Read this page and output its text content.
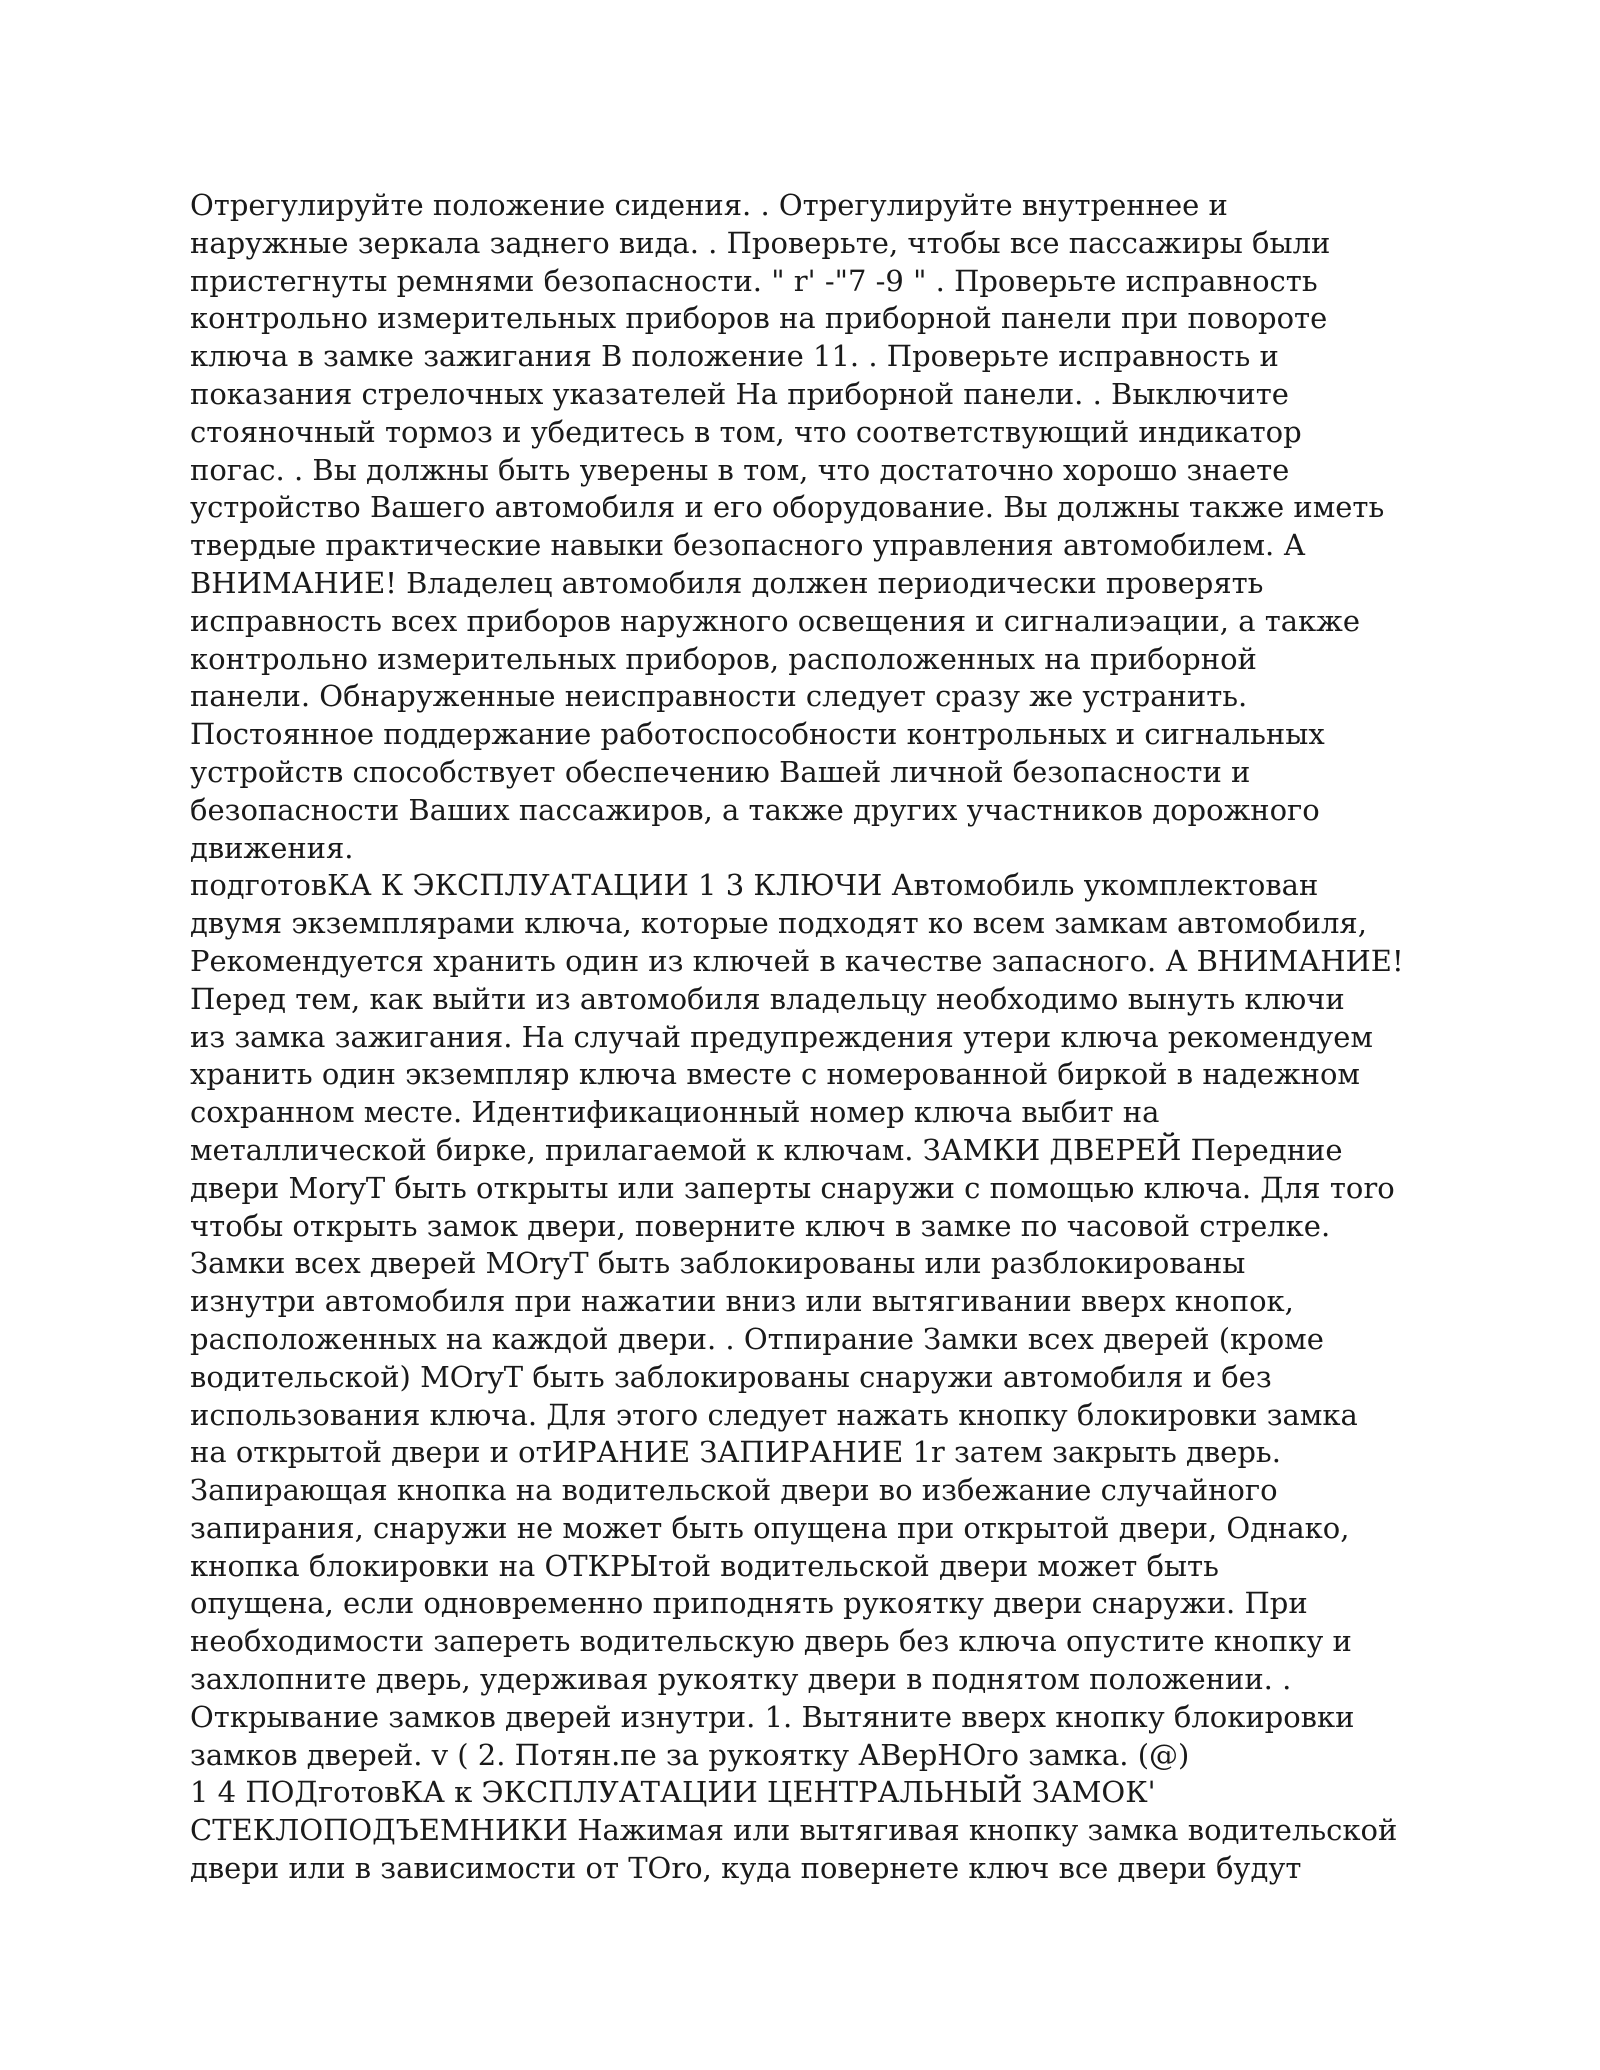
Отрегулируйте положение сидения. . Отрегулируйте внутреннее и
наружные зеркала заднего вида. . Проверьте, чтобы все пассажиры были
пристегнуты ремнями безопасности. " r' -"7 -9 " . Проверьте исправность
контрольно измерительных приборов на приборной панели при повороте
ключа в замке зажигания В положение 11. . Проверьте исправность и
показания стрелочных указателей На приборной панели. . Выключите
стояночный тормоз и убедитесь в том, что соответствующий индикатор
погас. . Вы должны быть уверены в том, что достаточно хорошо знаете
устройство Вашего автомобиля и его оборудование. Вы должны также иметь
твердые практические навыки безопасного управления автомобилем. А
ВНИМАНИЕ! Владелец автомобиля должен периодически проверять
исправность всех приборов наружного освещения и сигналиэации, а также
контрольно измерительных приборов, расположенных на приборной
панели. Обнаруженные неисправности следует сразу же устранить.
Постоянное поддержание работоспособности контрольных и сигнальных
устройств способствует обеспечению Вашей личной безопасности и
безопасности Ваших пассажиров, а также других участников дорожного
движения.
подготовКА К ЭКСПЛУАТАЦИИ 1 3 КЛЮЧИ Автомобиль укомплектован
двумя экземплярами ключа, которые подходят ко всем замкам автомобиля,
Рекомендуется хранить один из ключей в качестве запасного. А ВНИМАНИЕ!
Перед тем, как выйти из автомобиля владельцу необходимо вынуть ключи
из замка зажигания. На случай предупреждения утери ключа рекомендуем
хранить один экземпляр ключа вместе с номерованной биркой в надежном
сохранном месте. Идентификационный номер ключа выбит на
металлической бирке, прилагаемой к ключам. ЗАМКИ ДВЕРЕЙ Передние
двери MoryT быть открыты или заперты снаружи с помощью ключа. Для тoro
чтобы открыть замок двери, поверните ключ в замке по часовой стрелке.
Замки всех дверей MOryT быть заблокированы или разблокированы
изнутри автомобиля при нажатии вниз или вытягивании вверх кнопок,
расположенных на каждой двери. . Отпирание Замки всех дверей (кроме
водительской) MOryT быть заблокированы снаружи автомобиля и без
использования ключа. Для этого следует нажать кнопку блокировки замка
на открытой двери и отИРАНИЕ ЗАПИРАНИЕ 1r затем закрыть дверь.
Запирающая кнопка на водительской двери во избежание случайного
запирания, снаружи не может быть опущена при открытой двери, Однако,
кнопка блокировки на ОТКРЫтой водительской двери может быть
опущена, если одновременно приподнять рукоятку двери снаружи. При
необходимости запереть водительскую дверь без ключа опустите кнопку и
захлопните дверь, удерживая рукоятку двери в поднятом положении. .
Открывание замков дверей изнутри. 1. Вытяните вверх кнопку блокировки
замков дверей. v ( 2. Потян.пе за рукоятку АВерНОго замка. (@)
1 4 ПОДготовКА к ЭКСПЛУАТАЦИИ ЦЕНТРАЛЬНЫЙ ЗАМОК'
СТЕКЛОПОДЪЕМНИКИ Нажимая или вытягивая кнопку замка водительской
двери или в зависимости от TOro, куда повернете ключ все двери будут
